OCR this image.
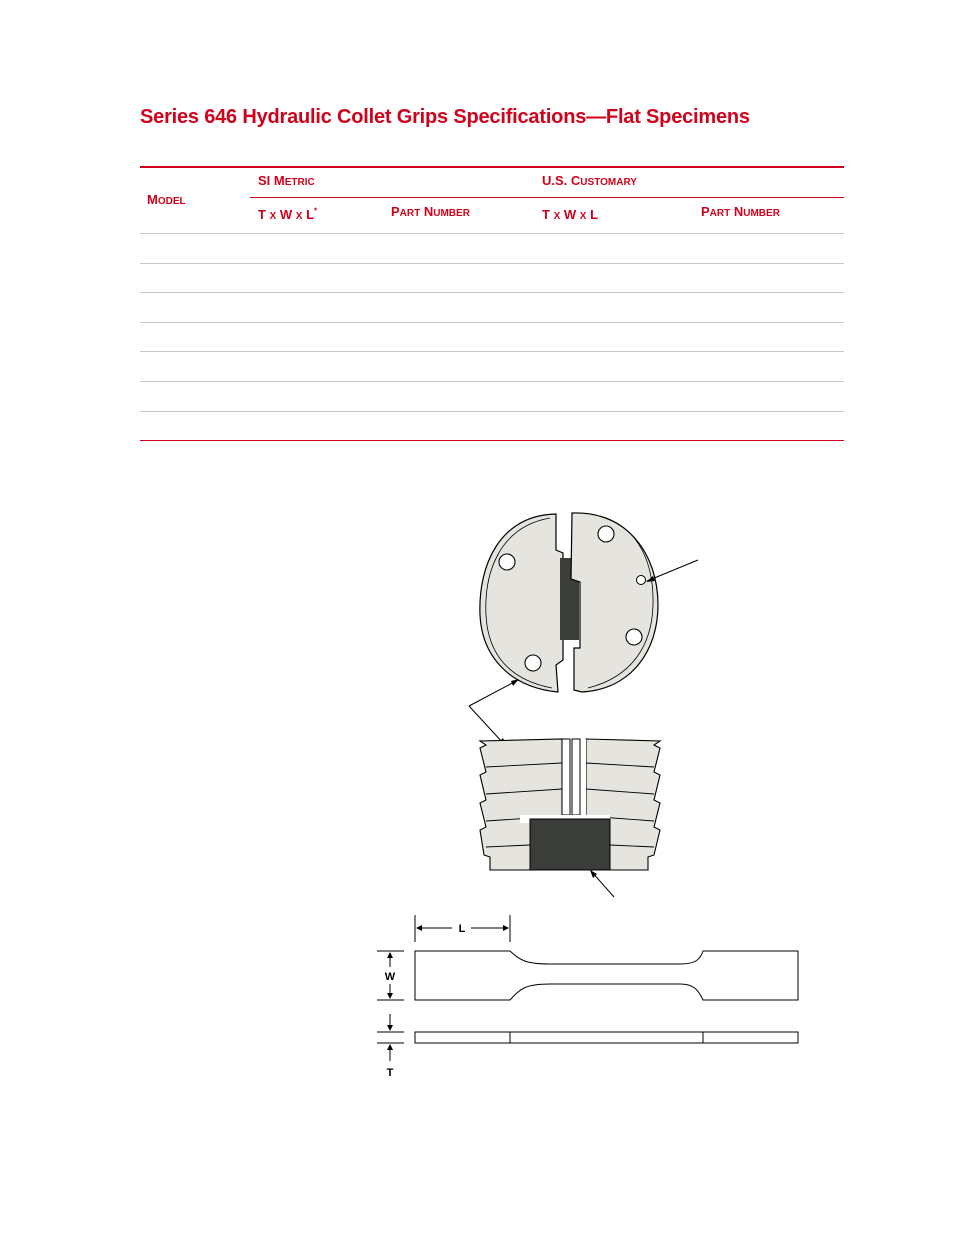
Series 646 Hydraulic Collet Grips Specifications—Flat Specimens
MODEL
SI METRIC	U.S. CUSTOMARY
T X W X L*	PART NUMBER	T X W X L	PART NUMBER
L
W
T
